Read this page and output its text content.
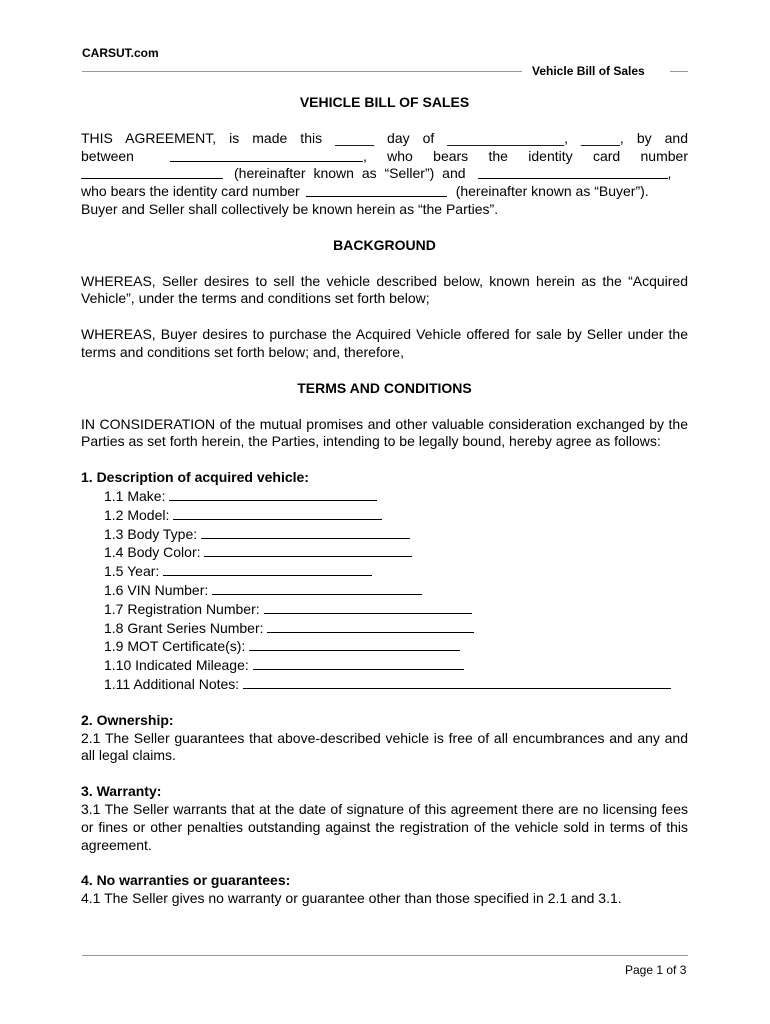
CARSUT.com
Vehicle Bill of Sales
VEHICLE BILL OF SALES

THIS AGREEMENT, is made this _____ day of _______________, _____, by and

between	, who bears the identity card number
(hereinafter known as “Seller”) and	,
who bears the identity card number	(hereinafter known as “Buyer”).

Buyer and Seller shall collectively be known herein as “the Parties”.

BACKGROUND

WHEREAS, Seller desires to sell the vehicle described below, known herein as the “Acquired Vehicle”, under the terms and conditions set forth below;

WHEREAS, Buyer desires to purchase the Acquired Vehicle offered for sale by Seller under the terms and conditions set forth below; and, therefore,

TERMS AND CONDITIONS

IN CONSIDERATION of the mutual promises and other valuable consideration exchanged by the Parties as set forth herein, the Parties, intending to be legally bound, hereby agree as follows:

1. Description of acquired vehicle:
1.1 Make:
1.2 Model:
1.3 Body Type:
1.4 Body Color:
1.5 Year:
1.6 VIN Number:
1.7 Registration Number:
1.8 Grant Series Number:
1.9 MOT Certificate(s):
1.10 Indicated Mileage:
1.11 Additional Notes:
2. Ownership:

2.1 The Seller guarantees that above-described vehicle is free of all encumbrances and any and all legal claims.

3. Warranty:

3.1 The Seller warrants that at the date of signature of this agreement there are no licensing fees or fines or other penalties outstanding against the registration of the vehicle sold in terms of this agreement.

4. No warranties or guarantees:

4.1 The Seller gives no warranty or guarantee other than those specified in 2.1 and 3.1.

Page 1 of 3
